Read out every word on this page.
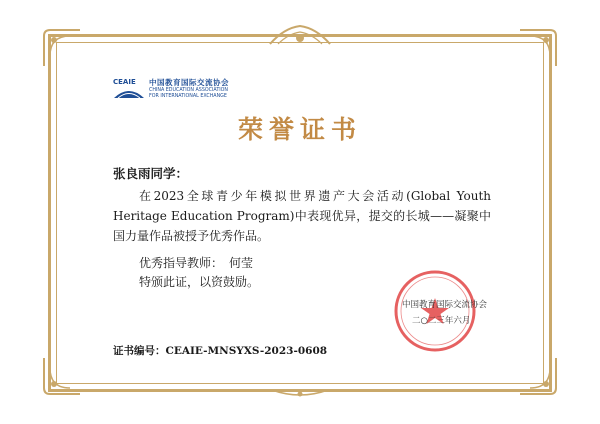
CEAIE 中国教育国际交流协会
CHINA EDUCATION ASSOCIATION
FOR INTERNATIONAL EXCHANGE
荣誉证书
张良雨同学：

在2023全球青少年模拟世界遗产大会活动(Global Youth Heritage Education Program)中表现优异，提交的长城——凝聚中国力量作品被授予优秀作品。

优秀指导教师：　何莹
特颁此证，以资鼓励。
中国教育国际交流协会
二○二三年六月
证书编号：CEAIE-MNSYXS-2023-0608
